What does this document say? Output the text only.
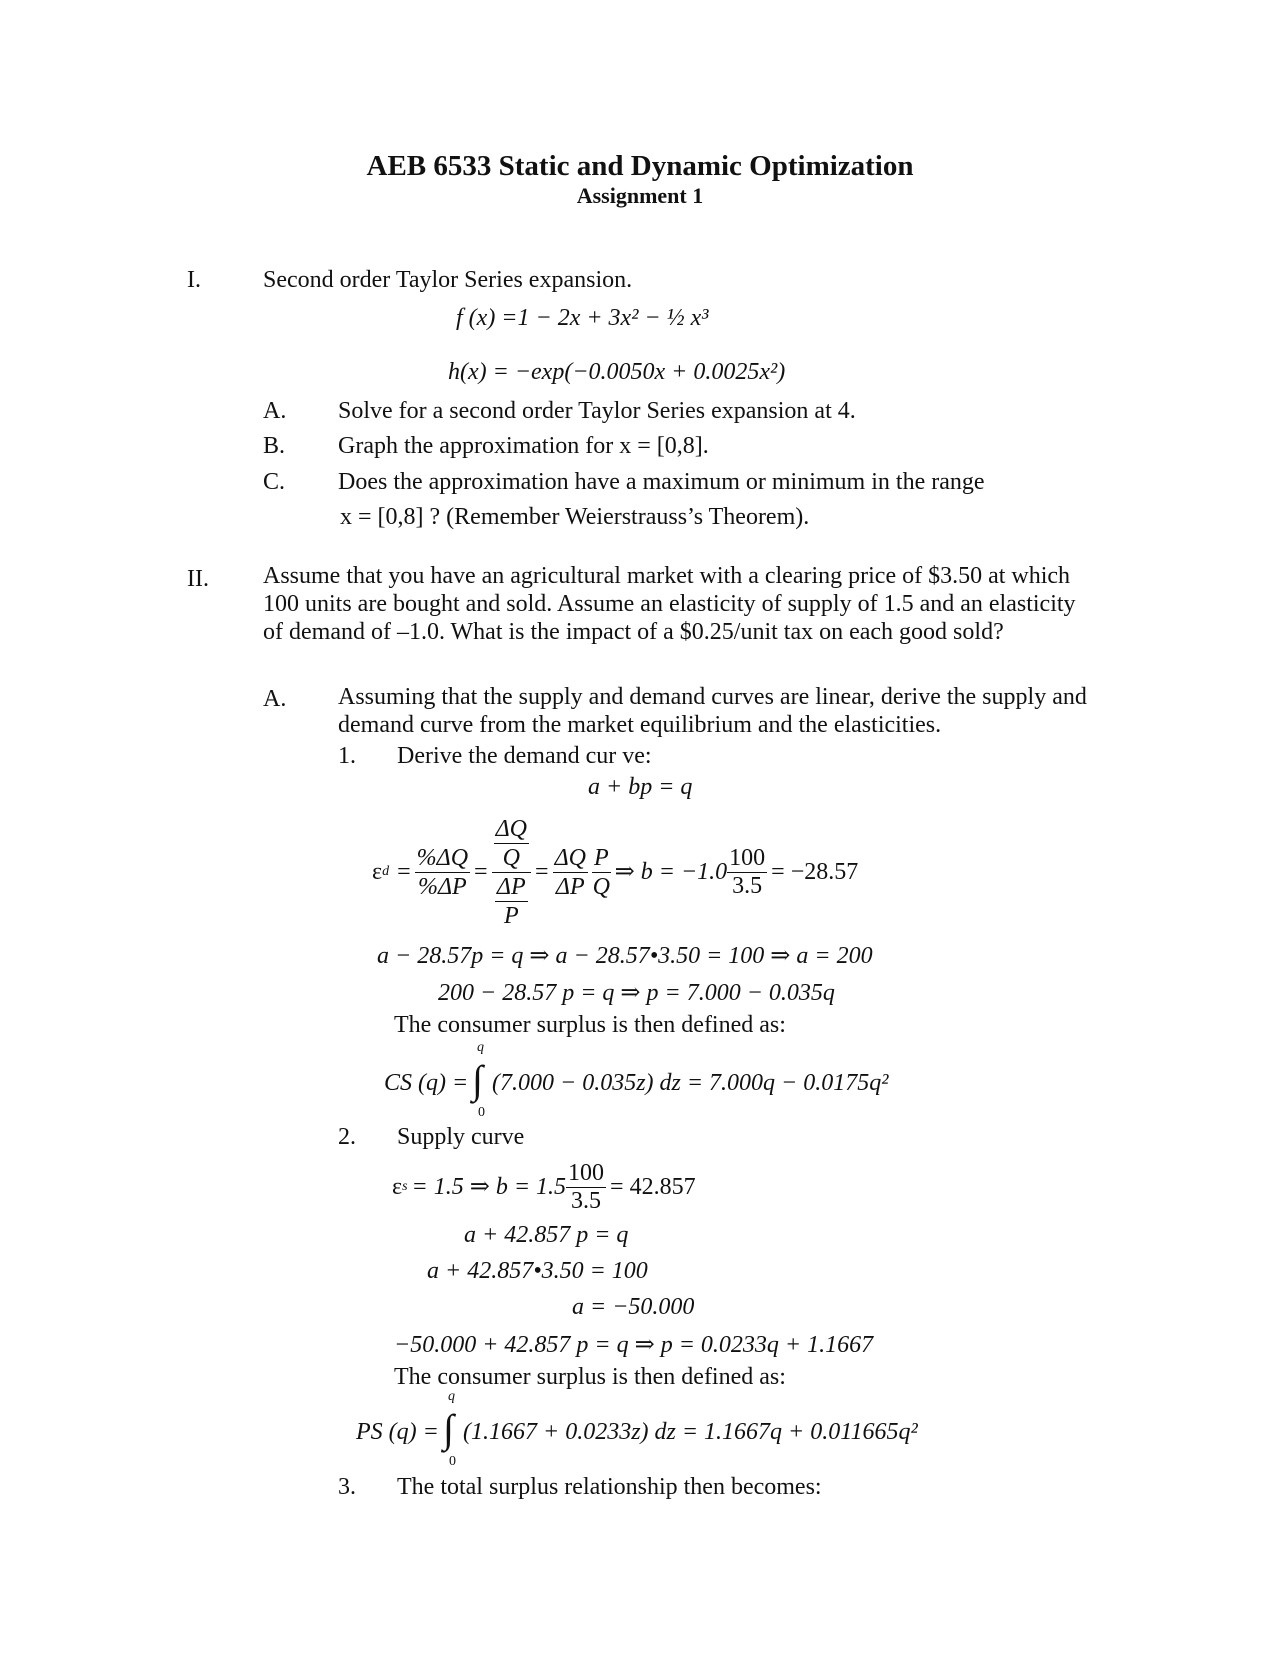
AEB 6533 Static and Dynamic Optimization
Assignment 1
I.	Second order Taylor Series expansion.
f (x) =1 − 2x + 3x² − ½ x³
h(x) = −exp(−0.0050x + 0.0025x²)
A. Solve for a second order Taylor Series expansion at 4.
B. Graph the approximation for x = [0,8].
C. Does the approximation have a maximum or minimum in the range
x = [0,8] ? (Remember Weierstrauss’s Theorem).
II. Assume that you have an agricultural market with a clearing price of $3.50 at which 100 units are bought and sold. Assume an elasticity of supply of 1.5 and an elasticity of demand of –1.0. What is the impact of a $0.25/unit tax on each good sold?
A. Assuming that the supply and demand curves are linear, derive the supply and demand curve from the market equilibrium and the elasticities.
1. Derive the demand cur ve:
a + bp = q
ε $d = \frac{\%\Delta Q}{\%\Delta P} = \frac{\frac{\Delta Q}{Q}}{\frac{\Delta P}{P}} = \frac{\Delta Q}{\Delta P} \frac{P}{Q}$ ⇒ $b = -1.0 \frac{100}{3.5} = -28.57$
a − 28.57p = q ⇒ a − 28.57•3.50 = 100 ⇒ a = 200
200 − 28.57 p = q ⇒ p = 7.000 − 0.035q
The consumer surplus is then defined as:
CS (q) =
q
∫
0
(7.000 − 0.035z) dz = 7.000q − 0.0175q²
2. Supply curve
ε s = 1.5 ⇒ $b = 1.5 \frac{100}{3.5} = 42.857$
a + 42.857 p = q
a + 42.857•3.50 = 100
a = −50.000
−50.000 + 42.857 p = q ⇒ p = 0.0233q + 1.1667
The consumer surplus is then defined as:
PS (q) =
q
∫
0
(1.1667 + 0.0233z) dz = 1.1667q + 0.011665q²
3. The total surplus relationship then becomes:
